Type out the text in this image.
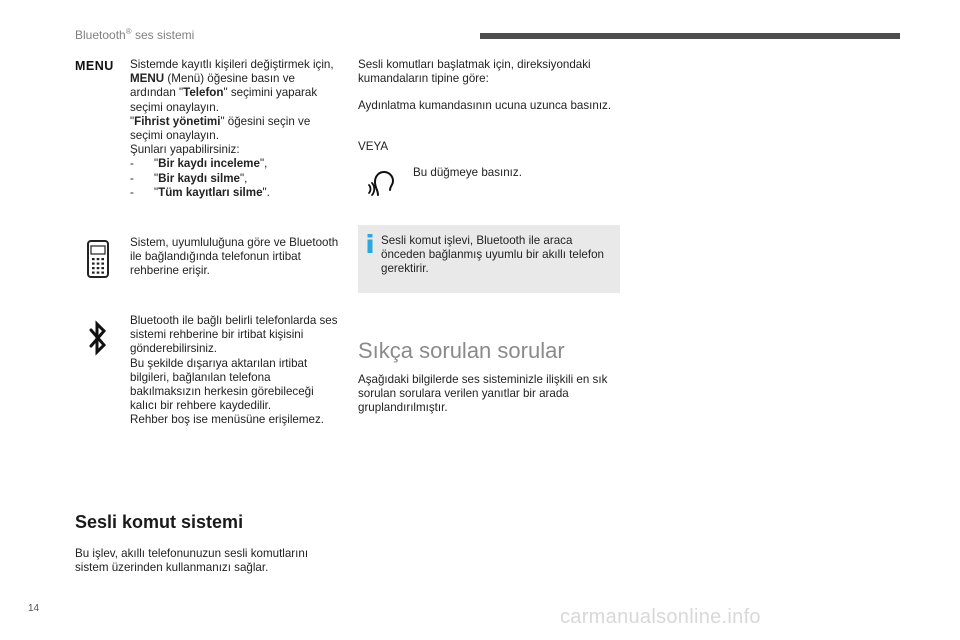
Bluetooth® ses sistemi
MENU Sistemde kayıtlı kişileri değiştirmek için, MENU (Menü) öğesine basın ve ardından "Telefon" seçimini yaparak seçimi onaylayın.

"Fihrist yönetimi" öğesini seçin ve seçimi onaylayın.

Şunları yapabilirsiniz:

- "Bir kaydı inceleme",

- "Bir kaydı silme",

- "Tüm kayıtları silme".

Sistem, uyumluluğuna göre ve Bluetooth ile bağlandığında telefonun irtibat rehberine erişir.

Bluetooth ile bağlı belirli telefonlarda ses sistemi rehberine bir irtibat kişisini gönderebilirsiniz.

Bu şekilde dışarıya aktarılan irtibat bilgileri, bağlanılan telefona bakılmaksızın herkesin görebileceği kalıcı bir rehbere kaydedilir.

Rehber boş ise menüsüne erişilemez.

Sesli komut sistemi
Bu işlev, akıllı telefonunuzun sesli komutlarını sistem üzerinden kullanmanızı sağlar.
Sesli komutları başlatmak için, direksiyondaki kumandaların tipine göre:
Aydınlatma kumandasının ucuna uzunca basınız.
VEYA
Bu düğmeye basınız.
Sesli komut işlevi, Bluetooth ile araca önceden bağlanmış uyumlu bir akıllı telefon gerektirir.
Sıkça sorulan sorular
Aşağıdaki bilgilerde ses sisteminizle ilişkili en sık sorulan sorulara verilen yanıtlar bir arada gruplandırılmıştır.
14	carmanualsonline.info
